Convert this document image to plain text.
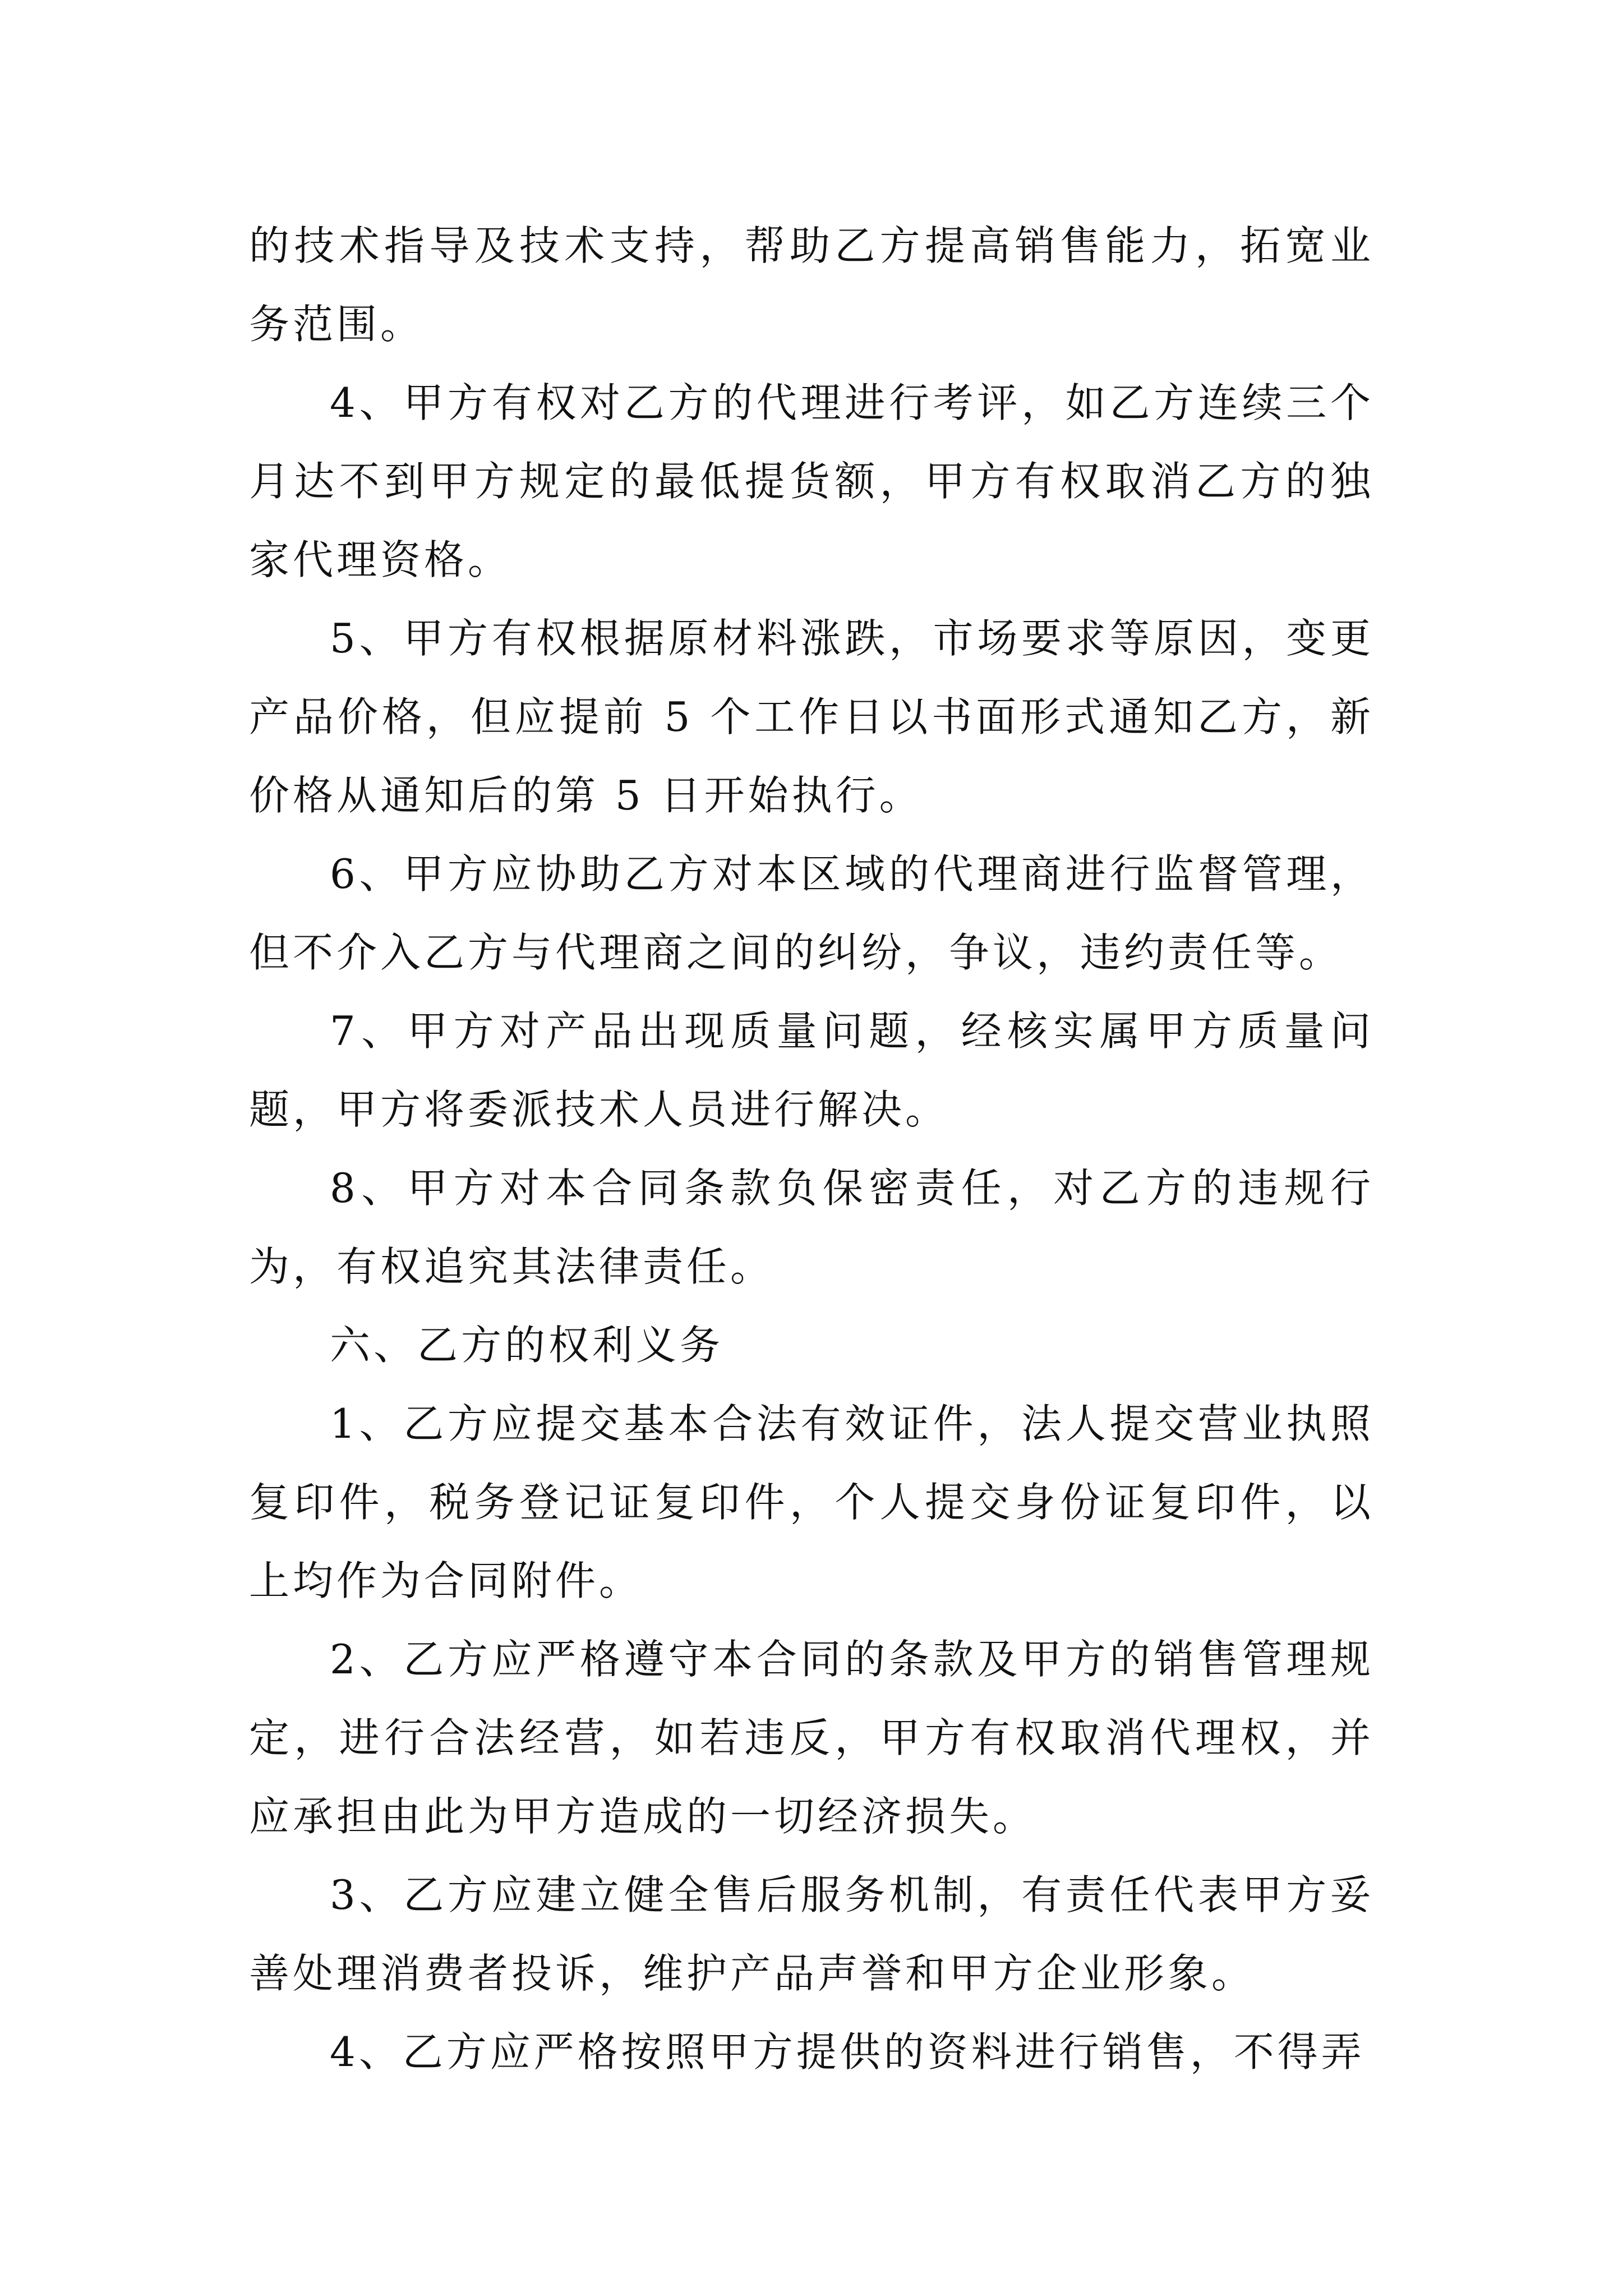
的技术指导及技术支持，帮助乙方提高销售能力，拓宽业务范围。

4、甲方有权对乙方的代理进行考评，如乙方连续三个月达不到甲方规定的最低提货额，甲方有权取消乙方的独家代理资格。

5、甲方有权根据原材料涨跌，市场要求等原因，变更产品价格，但应提前 5 个工作日以书面形式通知乙方，新价格从通知后的第 5 日开始执行。

6、甲方应协助乙方对本区域的代理商进行监督管理，但不介入乙方与代理商之间的纠纷，争议，违约责任等。

7、甲方对产品出现质量问题，经核实属甲方质量问题，甲方将委派技术人员进行解决。

8、甲方对本合同条款负保密责任，对乙方的违规行为，有权追究其法律责任。

六、乙方的权利义务

1、乙方应提交基本合法有效证件，法人提交营业执照复印件，税务登记证复印件，个人提交身份证复印件，以上均作为合同附件。

2、乙方应严格遵守本合同的条款及甲方的销售管理规定，进行合法经营，如若违反，甲方有权取消代理权，并应承担由此为甲方造成的一切经济损失。

3、乙方应建立健全售后服务机制，有责任代表甲方妥善处理消费者投诉，维护产品声誉和甲方企业形象。

4、乙方应严格按照甲方提供的资料进行销售，不得弄
